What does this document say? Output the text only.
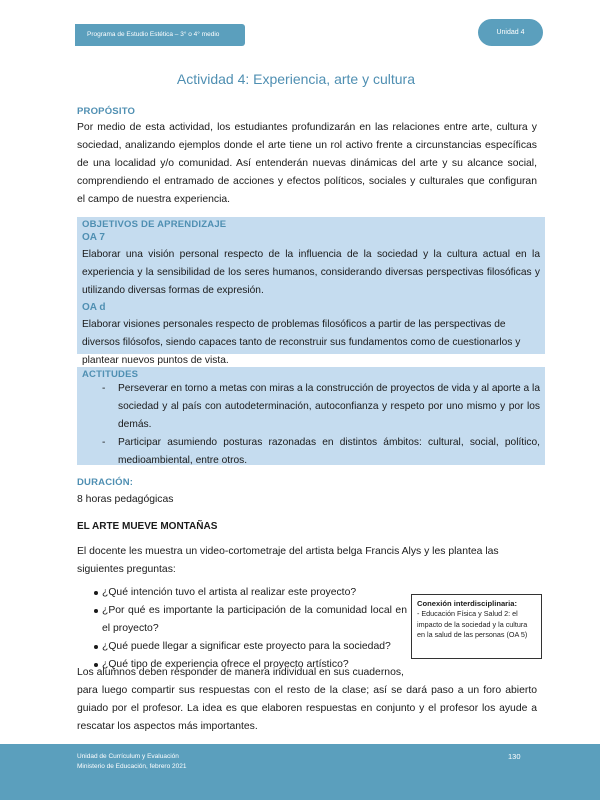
Programa de Estudio Estética – 3° o 4° medio	Unidad 4
Actividad 4: Experiencia, arte y cultura
PROPÓSITO

Por medio de esta actividad, los estudiantes profundizarán en las relaciones entre arte, cultura y sociedad, analizando ejemplos donde el arte tiene un rol activo frente a circunstancias específicas de una localidad y/o comunidad. Así entenderán nuevas dinámicas del arte y su alcance social, comprendiendo el entramado de acciones y efectos políticos, sociales y culturales que configuran el campo de nuestra experiencia.

OBJETIVOS DE APRENDIZAJE
OA 7

Elaborar una visión personal respecto de la influencia de la sociedad y la cultura actual en la experiencia y la sensibilidad de los seres humanos, considerando diversas perspectivas filosóficas y utilizando diversas formas de expresión.

OA d

Elaborar visiones personales respecto de problemas filosóficos a partir de las perspectivas de diversos filósofos, siendo capaces tanto de reconstruir sus fundamentos como de cuestionarlos y plantear nuevos puntos de vista.

ACTITUDES
- Perseverar en torno a metas con miras a la construcción de proyectos de vida y al aporte a la sociedad y al país con autodeterminación, autoconfianza y respeto por uno mismo y por los demás.
- Participar asumiendo posturas razonadas en distintos ámbitos: cultural, social, político, medioambiental, entre otros.
DURACIÓN:

8 horas pedagógicas

EL ARTE MUEVE MONTAÑAS

El docente les muestra un video-cortometraje del artista belga Francis Alys y les plantea las siguientes preguntas:

¿Qué intención tuvo el artista al realizar este proyecto?
¿Por qué es importante la participación de la comunidad local en el proyecto?
¿Qué puede llegar a significar este proyecto para la sociedad?
¿Qué tipo de experiencia ofrece el proyecto artístico?
Conexión interdisciplinaria:
- Educación Física y Salud 2: el impacto de la sociedad y la cultura en la salud de las personas (OA 5)

Los alumnos deben responder de manera individual en sus cuadernos,

para luego compartir sus respuestas con el resto de la clase; así se dará paso a un foro abierto guiado por el profesor. La idea es que elaboren respuestas en conjunto y el profesor los ayude a rescatar los aspectos más importantes.

Unidad de Currículum y Evaluación
Ministerio de Educación, febrero 2021
130
